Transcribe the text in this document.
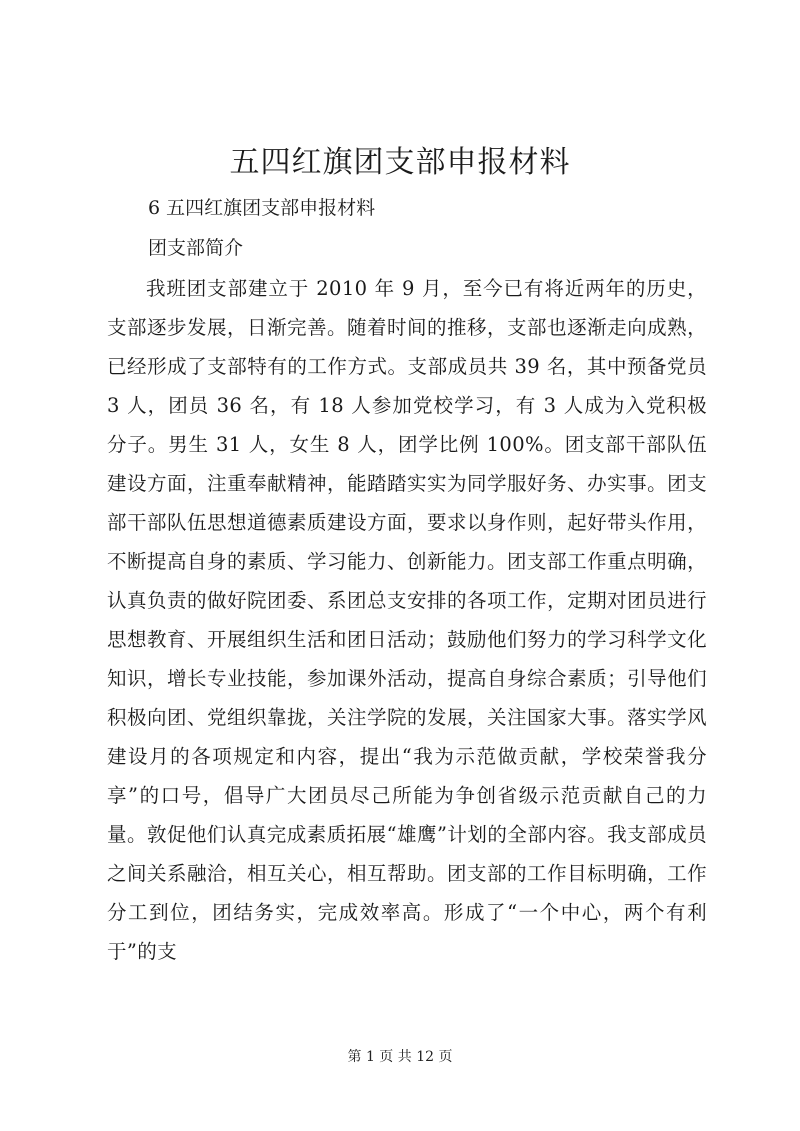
五四红旗团支部申报材料

6 五四红旗团支部申报材料

团支部简介

我班团支部建立于 2010 年 9 月，至今已有将近两年的历史，支部逐步发展，日渐完善。随着时间的推移，支部也逐渐走向成熟，已经形成了支部特有的工作方式。支部成员共 39 名，其中预备党员 3 人，团员 36 名，有 18 人参加党校学习，有 3 人成为入党积极分子。男生 31 人，女生 8 人，团学比例 100%。团支部干部队伍建设方面，注重奉献精神，能踏踏实实为同学服好务、办实事。团支部干部队伍思想道德素质建设方面，要求以身作则，起好带头作用，不断提高自身的素质、学习能力、创新能力。团支部工作重点明确，认真负责的做好院团委、系团总支安排的各项工作，定期对团员进行思想教育、开展组织生活和团日活动；鼓励他们努力的学习科学文化知识，增长专业技能，参加课外活动，提高自身综合素质；引导他们积极向团、党组织靠拢，关注学院的发展，关注国家大事。落实学风建设月的各项规定和内容，提出“我为示范做贡献，学校荣誉我分享”的口号，倡导广大团员尽己所能为争创省级示范贡献自己的力量。敦促他们认真完成素质拓展“雄鹰”计划的全部内容。我支部成员之间关系融洽，相互关心，相互帮助。团支部的工作目标明确，工作分工到位，团结务实，完成效率高。形成了“一个中心，两个有利于”的支

第 1 页 共 12 页
